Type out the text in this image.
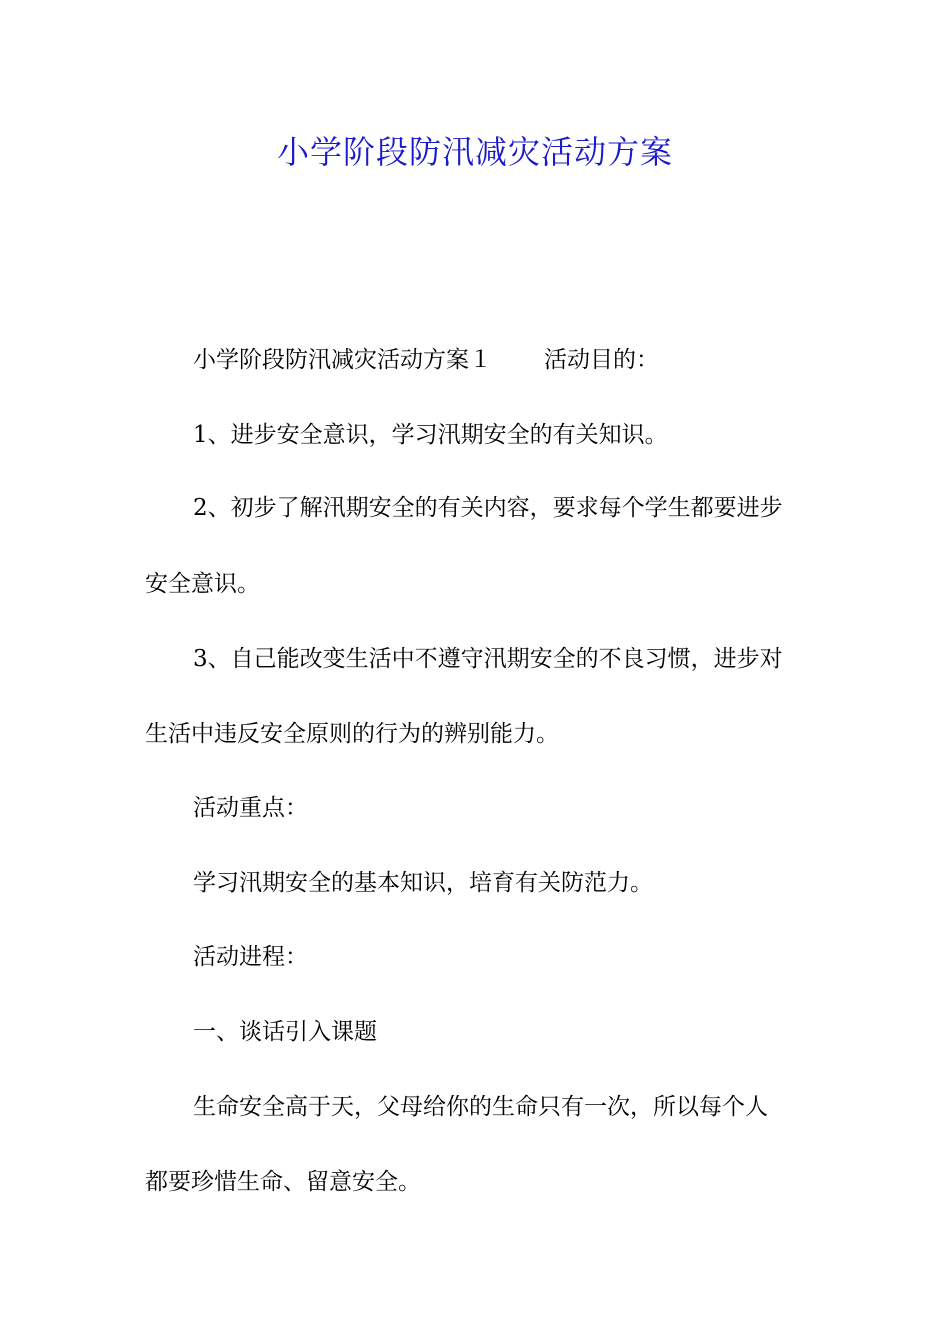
小学阶段防汛减灾活动方案

小学阶段防汛减灾活动方案１ 活动目的：

1、进步安全意识，学习汛期安全的有关知识。

2、初步了解汛期安全的有关内容，要求每个学生都要进步

安全意识。

3、自己能改变生活中不遵守汛期安全的不良习惯，进步对

生活中违反安全原则的行为的辨别能力。

活动重点：

学习汛期安全的基本知识，培育有关防范力。

活动进程：

一、谈话引入课题

生命安全高于天，父母给你的生命只有一次，所以每个人

都要珍惜生命、留意安全。
